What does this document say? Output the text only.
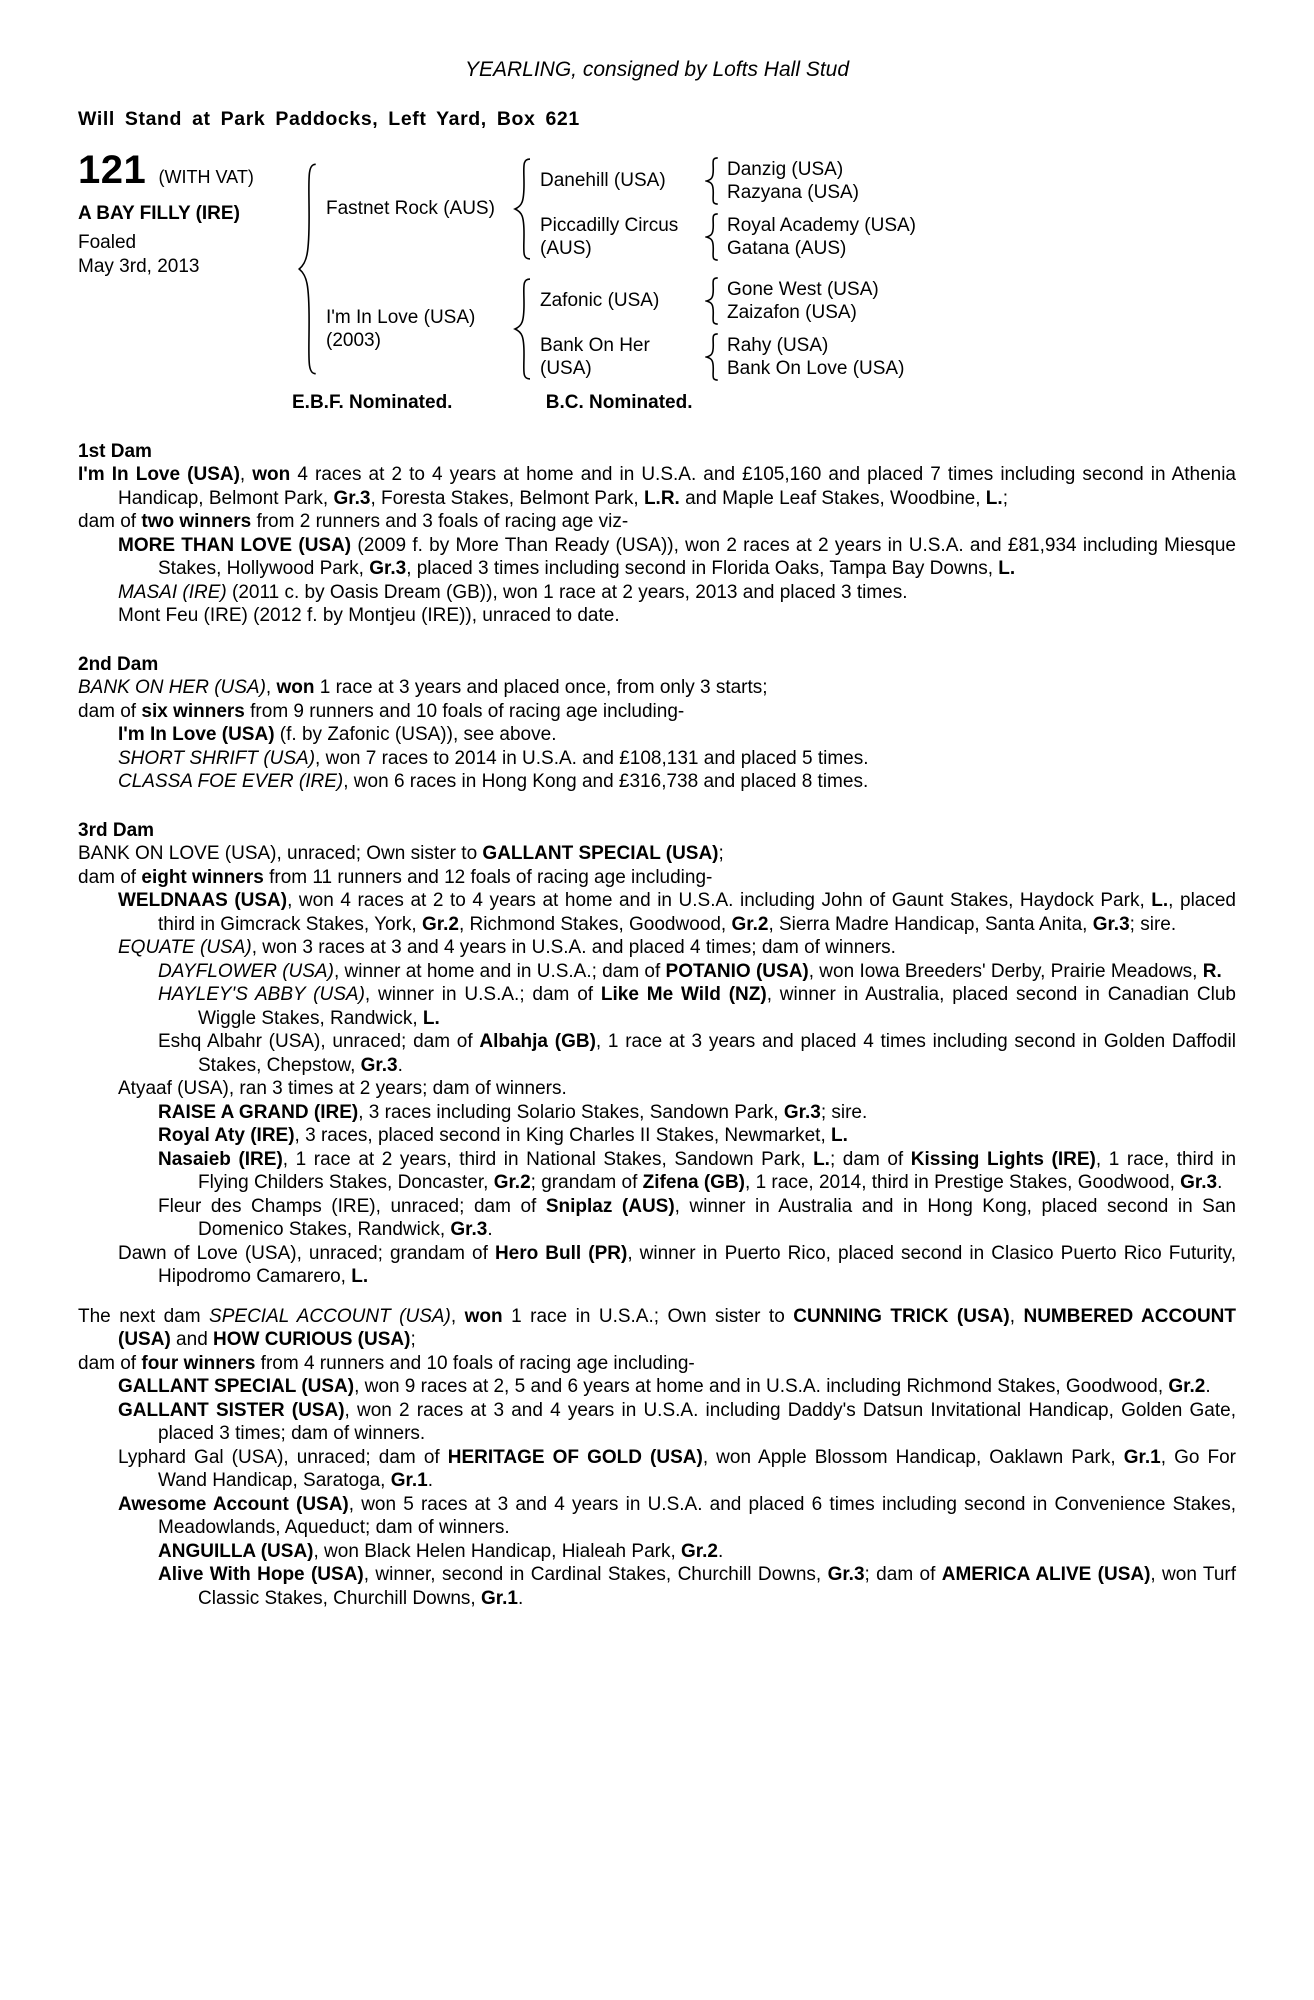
YEARLING, consigned by Lofts Hall Stud
Will Stand at Park Paddocks, Left Yard, Box 621
121 (WITH VAT)
A BAY FILLY (IRE)
Foaled
May 3rd, 2013
Fastnet Rock (AUS)
Danehill (USA)
Danzig (USA)
Razyana (USA)
Piccadilly Circus (AUS)
Royal Academy (USA)
Gatana (AUS)
I'm In Love (USA) (2003)
Zafonic (USA)
Gone West (USA)
Zaizafon (USA)
Bank On Her (USA)
Rahy (USA)
Bank On Love (USA)
E.B.F. Nominated.	B.C. Nominated.
1st Dam
I'm In Love (USA), won 4 races at 2 to 4 years at home and in U.S.A. and £105,160 and placed 7 times including second in Athenia Handicap, Belmont Park, Gr.3, Foresta Stakes, Belmont Park, L.R. and Maple Leaf Stakes, Woodbine, L.;
dam of two winners from 2 runners and 3 foals of racing age viz-
MORE THAN LOVE (USA) (2009 f. by More Than Ready (USA)), won 2 races at 2 years in U.S.A. and £81,934 including Miesque Stakes, Hollywood Park, Gr.3, placed 3 times including second in Florida Oaks, Tampa Bay Downs, L.
MASAI (IRE) (2011 c. by Oasis Dream (GB)), won 1 race at 2 years, 2013 and placed 3 times.
Mont Feu (IRE) (2012 f. by Montjeu (IRE)), unraced to date.
2nd Dam
BANK ON HER (USA), won 1 race at 3 years and placed once, from only 3 starts;
dam of six winners from 9 runners and 10 foals of racing age including-
I'm In Love (USA) (f. by Zafonic (USA)), see above.
SHORT SHRIFT (USA), won 7 races to 2014 in U.S.A. and £108,131 and placed 5 times.
CLASSA FOE EVER (IRE), won 6 races in Hong Kong and £316,738 and placed 8 times.
3rd Dam
BANK ON LOVE (USA), unraced; Own sister to GALLANT SPECIAL (USA);
dam of eight winners from 11 runners and 12 foals of racing age including-
WELDNAAS (USA), won 4 races at 2 to 4 years at home and in U.S.A. including John of Gaunt Stakes, Haydock Park, L., placed third in Gimcrack Stakes, York, Gr.2, Richmond Stakes, Goodwood, Gr.2, Sierra Madre Handicap, Santa Anita, Gr.3; sire.
EQUATE (USA), won 3 races at 3 and 4 years in U.S.A. and placed 4 times; dam of winners.
DAYFLOWER (USA), winner at home and in U.S.A.; dam of POTANIO (USA), won Iowa Breeders' Derby, Prairie Meadows, R.
HAYLEY'S ABBY (USA), winner in U.S.A.; dam of Like Me Wild (NZ), winner in Australia, placed second in Canadian Club Wiggle Stakes, Randwick, L.
Eshq Albahr (USA), unraced; dam of Albahja (GB), 1 race at 3 years and placed 4 times including second in Golden Daffodil Stakes, Chepstow, Gr.3.
Atyaaf (USA), ran 3 times at 2 years; dam of winners.
RAISE A GRAND (IRE), 3 races including Solario Stakes, Sandown Park, Gr.3; sire.
Royal Aty (IRE), 3 races, placed second in King Charles II Stakes, Newmarket, L.
Nasaieb (IRE), 1 race at 2 years, third in National Stakes, Sandown Park, L.; dam of Kissing Lights (IRE), 1 race, third in Flying Childers Stakes, Doncaster, Gr.2; grandam of Zifena (GB), 1 race, 2014, third in Prestige Stakes, Goodwood, Gr.3.
Fleur des Champs (IRE), unraced; dam of Sniplaz (AUS), winner in Australia and in Hong Kong, placed second in San Domenico Stakes, Randwick, Gr.3.
Dawn of Love (USA), unraced; grandam of Hero Bull (PR), winner in Puerto Rico, placed second in Clasico Puerto Rico Futurity, Hipodromo Camarero, L.
The next dam SPECIAL ACCOUNT (USA), won 1 race in U.S.A.; Own sister to CUNNING TRICK (USA), NUMBERED ACCOUNT (USA) and HOW CURIOUS (USA);
dam of four winners from 4 runners and 10 foals of racing age including-
GALLANT SPECIAL (USA), won 9 races at 2, 5 and 6 years at home and in U.S.A. including Richmond Stakes, Goodwood, Gr.2.
GALLANT SISTER (USA), won 2 races at 3 and 4 years in U.S.A. including Daddy's Datsun Invitational Handicap, Golden Gate, placed 3 times; dam of winners.
Lyphard Gal (USA), unraced; dam of HERITAGE OF GOLD (USA), won Apple Blossom Handicap, Oaklawn Park, Gr.1, Go For Wand Handicap, Saratoga, Gr.1.
Awesome Account (USA), won 5 races at 3 and 4 years in U.S.A. and placed 6 times including second in Convenience Stakes, Meadowlands, Aqueduct; dam of winners.
ANGUILLA (USA), won Black Helen Handicap, Hialeah Park, Gr.2.
Alive With Hope (USA), winner, second in Cardinal Stakes, Churchill Downs, Gr.3; dam of AMERICA ALIVE (USA), won Turf Classic Stakes, Churchill Downs, Gr.1.
